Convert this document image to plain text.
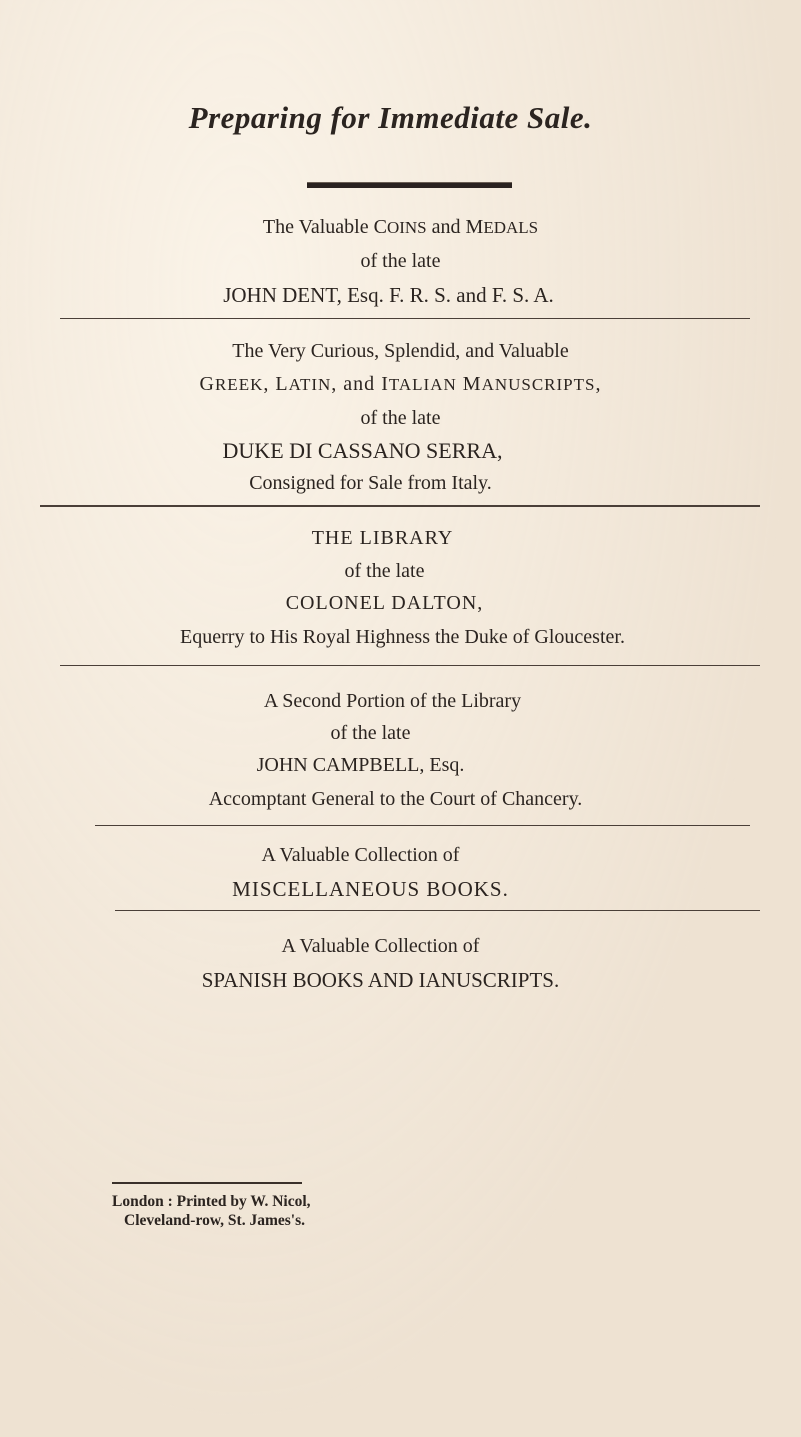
Preparing for Immediate Sale.
The Valuable COINS and MEDALS
of the late
JOHN DENT, Esq. F. R. S. and F. S. A.
The Very Curious, Splendid, and Valuable
GREEK, LATIN, and ITALIAN MANUSCRIPTS,
of the late
DUKE DI CASSANO SERRA,
Consigned for Sale from Italy.
THE LIBRARY
of the late
COLONEL DALTON,
Equerry to His Royal Highness the Duke of Gloucester.
A Second Portion of the Library
of the late
JOHN CAMPBELL, Esq.
Accomptant General to the Court of Chancery.
A Valuable Collection of
MISCELLANEOUS BOOKS.
A Valuable Collection of
SPANISH BOOKS AND IANUSCRIPTS.
London : Printed by W. Nicol,
Cleveland-row, St. James's.
